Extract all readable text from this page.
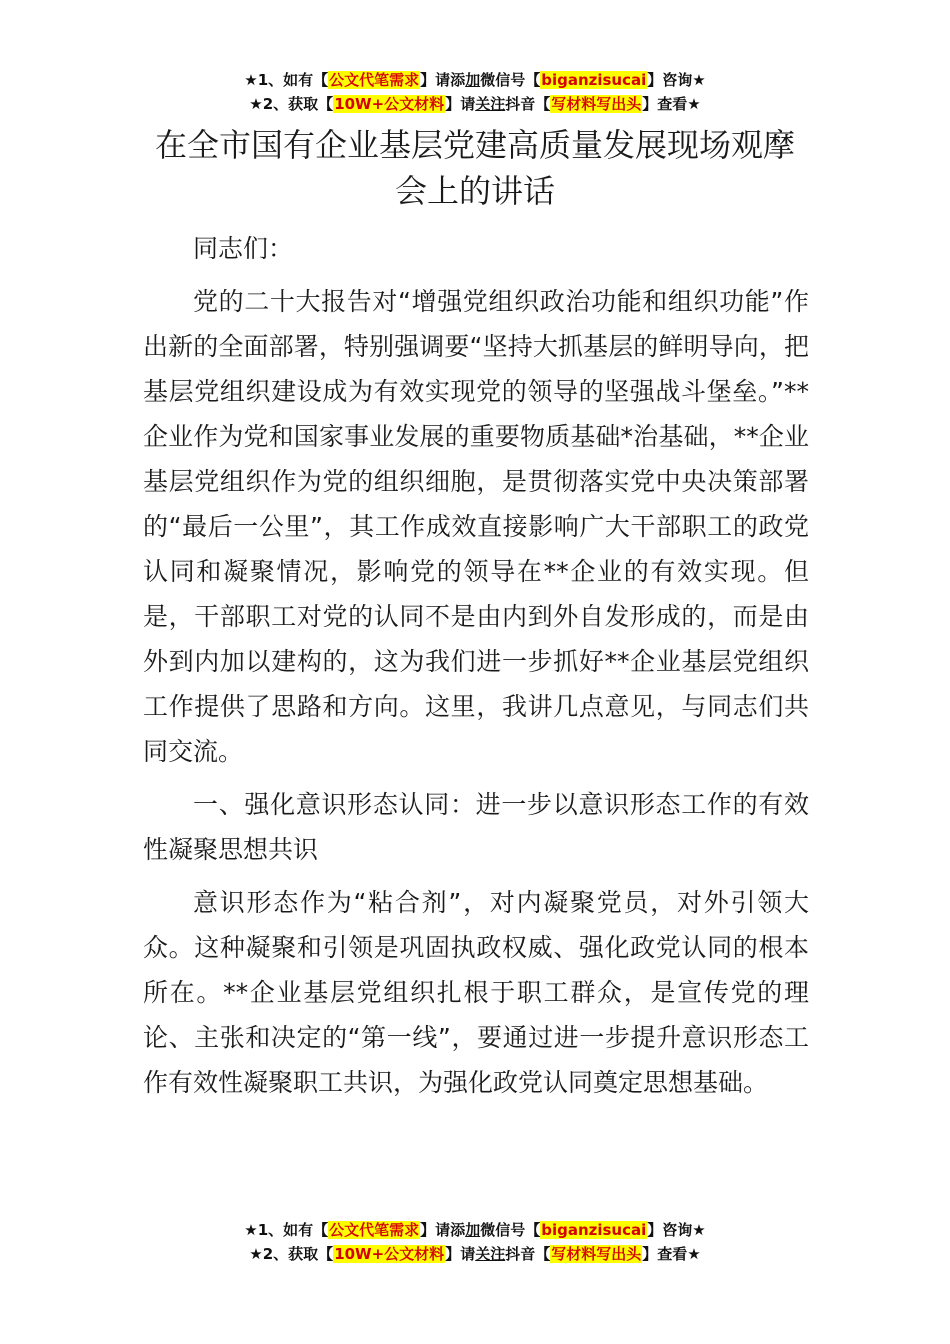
★1、如有【公文代笔需求】请添加微信号【biganzisucai】咨询★
★2、获取【10W+公文材料】请关注抖音【写材料写出头】查看★
在全市国有企业基层党建高质量发展现场观摩会上的讲话

同志们：

党的二十大报告对“增强党组织政治功能和组织功能”作出新的全面部署，特别强调要“坚持大抓基层的鲜明导向，把基层党组织建设成为有效实现党的领导的坚强战斗堡垒。”**企业作为党和国家事业发展的重要物质基础*治基础，**企业基层党组织作为党的组织细胞，是贯彻落实党中央决策部署的“最后一公里”，其工作成效直接影响广大干部职工的政党认同和凝聚情况，影响党的领导在**企业的有效实现。但是，干部职工对党的认同不是由内到外自发形成的，而是由外到内加以建构的，这为我们进一步抓好**企业基层党组织工作提供了思路和方向。这里，我讲几点意见，与同志们共同交流。

一、强化意识形态认同：进一步以意识形态工作的有效性凝聚思想共识

意识形态作为“粘合剂”，对内凝聚党员，对外引领大众。这种凝聚和引领是巩固执政权威、强化政党认同的根本所在。**企业基层党组织扎根于职工群众，是宣传党的理论、主张和决定的“第一线”，要通过进一步提升意识形态工作有效性凝聚职工共识，为强化政党认同奠定思想基础。

★1、如有【公文代笔需求】请添加微信号【biganzisucai】咨询★
★2、获取【10W+公文材料】请关注抖音【写材料写出头】查看★
